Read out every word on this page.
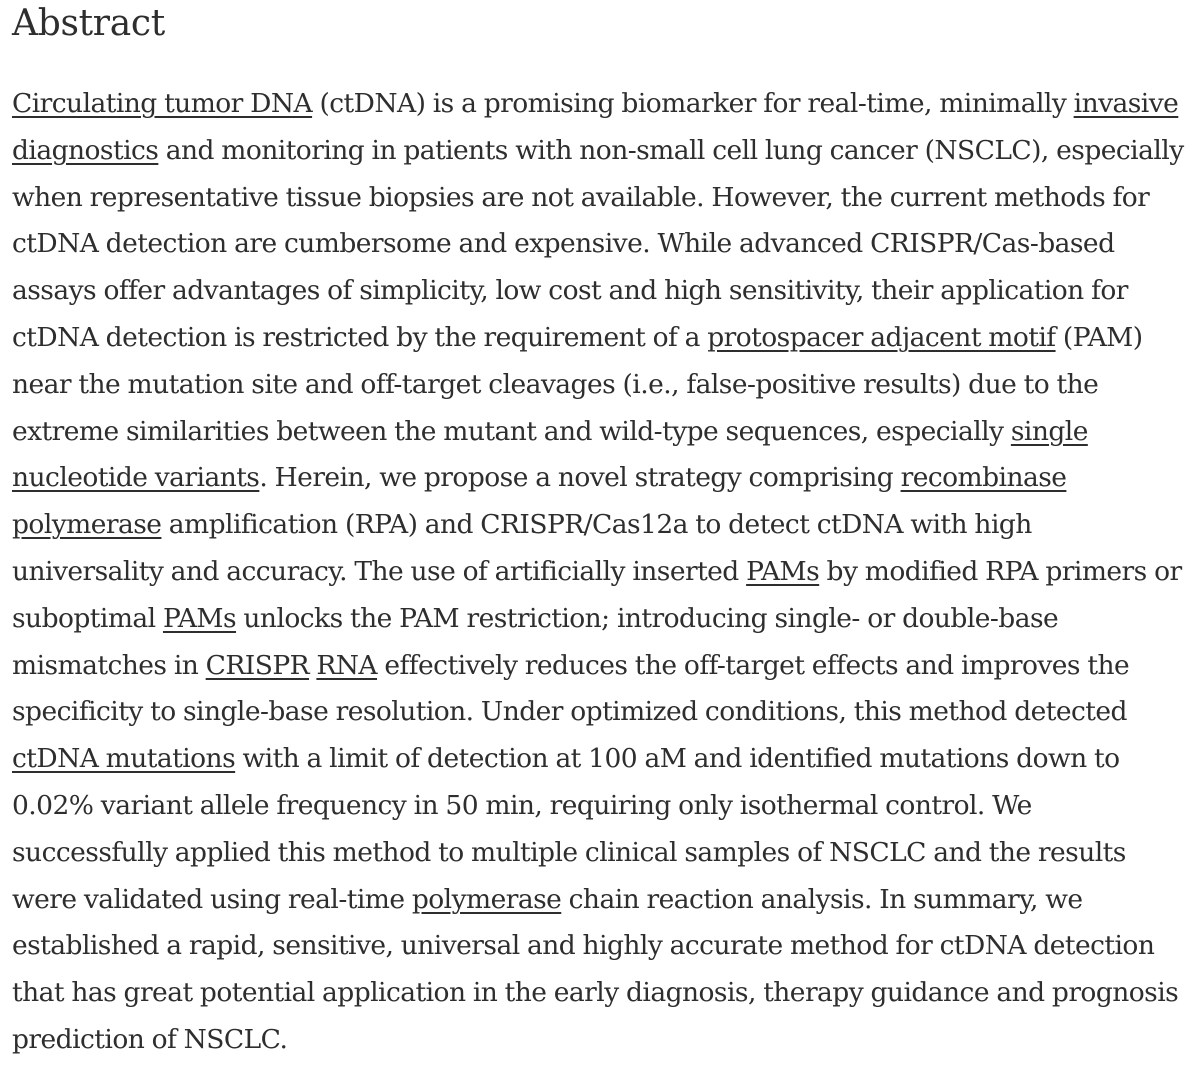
Abstract

Circulating tumor DNA (ctDNA) is a promising biomarker for real-time, minimally invasive diagnostics and monitoring in patients with non-small cell lung cancer (NSCLC), especially when representative tissue biopsies are not available. However, the current methods for ctDNA detection are cumbersome and expensive. While advanced CRISPR/Cas-based assays offer advantages of simplicity, low cost and high sensitivity, their application for ctDNA detection is restricted by the requirement of a protospacer adjacent motif (PAM) near the mutation site and off-target cleavages (i.e., false-positive results) due to the extreme similarities between the mutant and wild-type sequences, especially single nucleotide variants. Herein, we propose a novel strategy comprising recombinase polymerase amplification (RPA) and CRISPR/Cas12a to detect ctDNA with high universality and accuracy. The use of artificially inserted PAMs by modified RPA primers or suboptimal PAMs unlocks the PAM restriction; introducing single- or double-base mismatches in CRISPR RNA effectively reduces the off-target effects and improves the specificity to single-base resolution. Under optimized conditions, this method detected ctDNA mutations with a limit of detection at 100 aM and identified mutations down to 0.02% variant allele frequency in 50 min, requiring only isothermal control. We successfully applied this method to multiple clinical samples of NSCLC and the results were validated using real-time polymerase chain reaction analysis. In summary, we established a rapid, sensitive, universal and highly accurate method for ctDNA detection that has great potential application in the early diagnosis, therapy guidance and prognosis prediction of NSCLC.
